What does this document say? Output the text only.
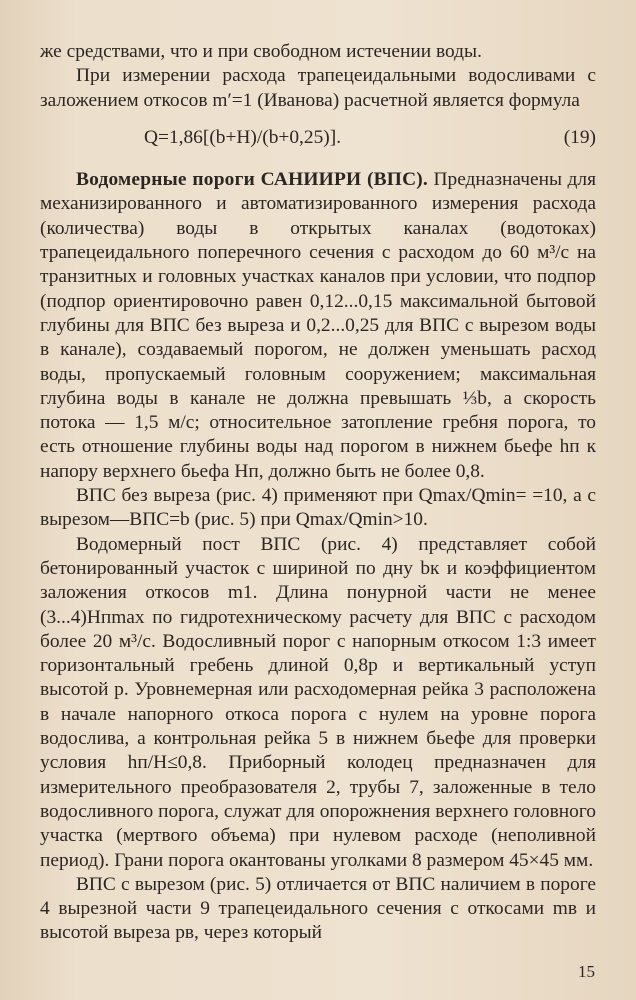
же средствами, что и при свободном истечении воды.

При измерении расхода трапецеидальными водосливами с заложением откосов m′=1 (Иванова) расчетной является формула

Q=1,86[(b+H)/(b+0,25)].	(19)

Водомерные пороги САНИИРИ (ВПС). Предназначены для механизированного и автоматизированного измерения расхода (количества) воды в открытых каналах (водотоках) трапецеидального поперечного сечения с расходом до 60 м³/с на транзитных и головных участках каналов при условии, что подпор (подпор ориентировочно равен 0,12...0,15 максимальной бытовой глубины для ВПС без выреза и 0,2...0,25 для ВПС с вырезом воды в канале), создаваемый порогом, не должен уменьшать расход воды, пропускаемый головным сооружением; максимальная глубина воды в канале не должна превышать ⅓b, а скорость потока — 1,5 м/с; относительное затопление гребня порога, то есть отношение глубины воды над порогом в нижнем бьефе hп к напору верхнего бьефа Hп, должно быть не более 0,8.

ВПС без выреза (рис. 4) применяют при Qmax/Qmin= =10, а с вырезом—ВПС=b (рис. 5) при Qmax/Qmin>10.

Водомерный пост ВПС (рис. 4) представляет собой бетонированный участок с шириной по дну bк и коэффициентом заложения откосов m1. Длина понурной части не менее (3...4)Hпmax по гидротехническому расчету для ВПС с расходом более 20 м³/с. Водосливный порог с напорным откосом 1:3 имеет горизонтальный гребень длиной 0,8p и вертикальный уступ высотой p. Уровнемерная или расходомерная рейка 3 расположена в начале напорного откоса порога с нулем на уровне порога водослива, а контрольная рейка 5 в нижнем бьефе для проверки условия hп/H≤0,8. Приборный колодец предназначен для измерительного преобразователя 2, трубы 7, заложенные в тело водосливного порога, служат для опорожнения верхнего головного участка (мертвого объема) при нулевом расходе (неполивной период). Грани порога окантованы уголками 8 размером 45×45 мм.

ВПС с вырезом (рис. 5) отличается от ВПС наличием в пороге 4 вырезной части 9 трапецеидального сечения с откосами mв и высотой выреза pв, через который

15
